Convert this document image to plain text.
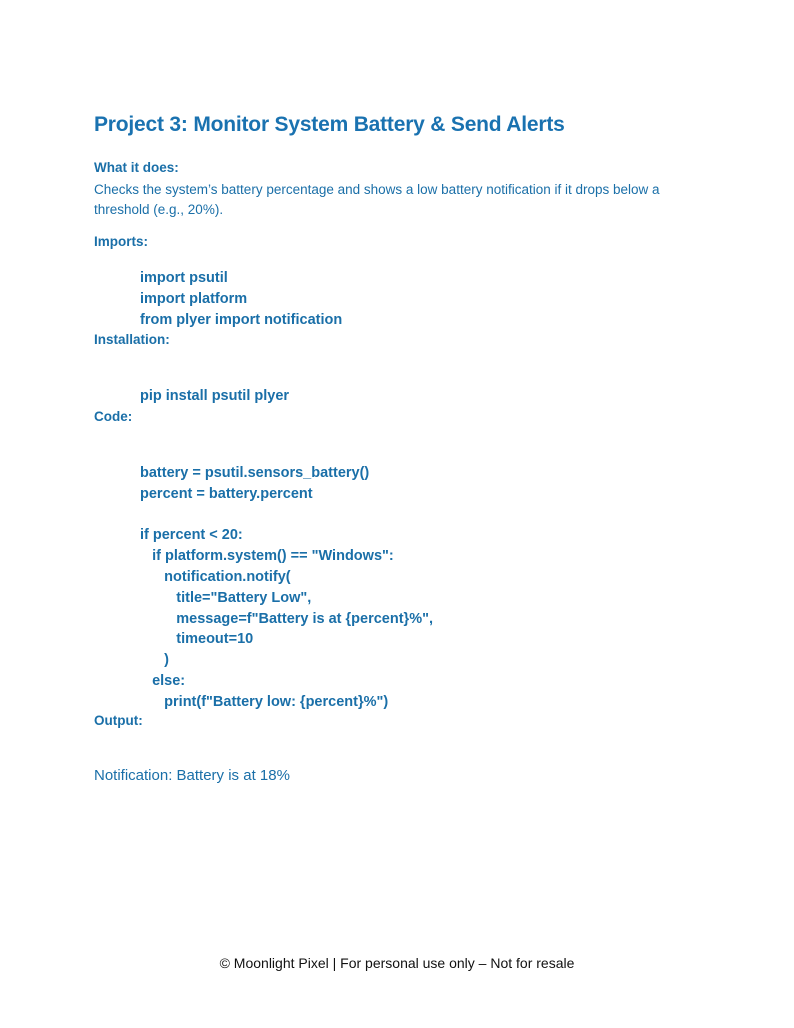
Project 3: Monitor System Battery & Send Alerts
What it does:

Checks the system’s battery percentage and shows a low battery notification if it drops below a threshold (e.g., 20%).

Imports:
import psutil
import platform
from plyer import notification
Installation:
pip install psutil plyer
Code:
battery = psutil.sensors_battery()
percent = battery.percent
if percent < 20:
if platform.system() == "Windows":
notification.notify(
title="Battery Low",
message=f"Battery is at {percent}%",
timeout=10
)
else:
print(f"Battery low: {percent}%")
Output:

Notification: Battery is at 18%

© Moonlight Pixel | For personal use only – Not for resale
